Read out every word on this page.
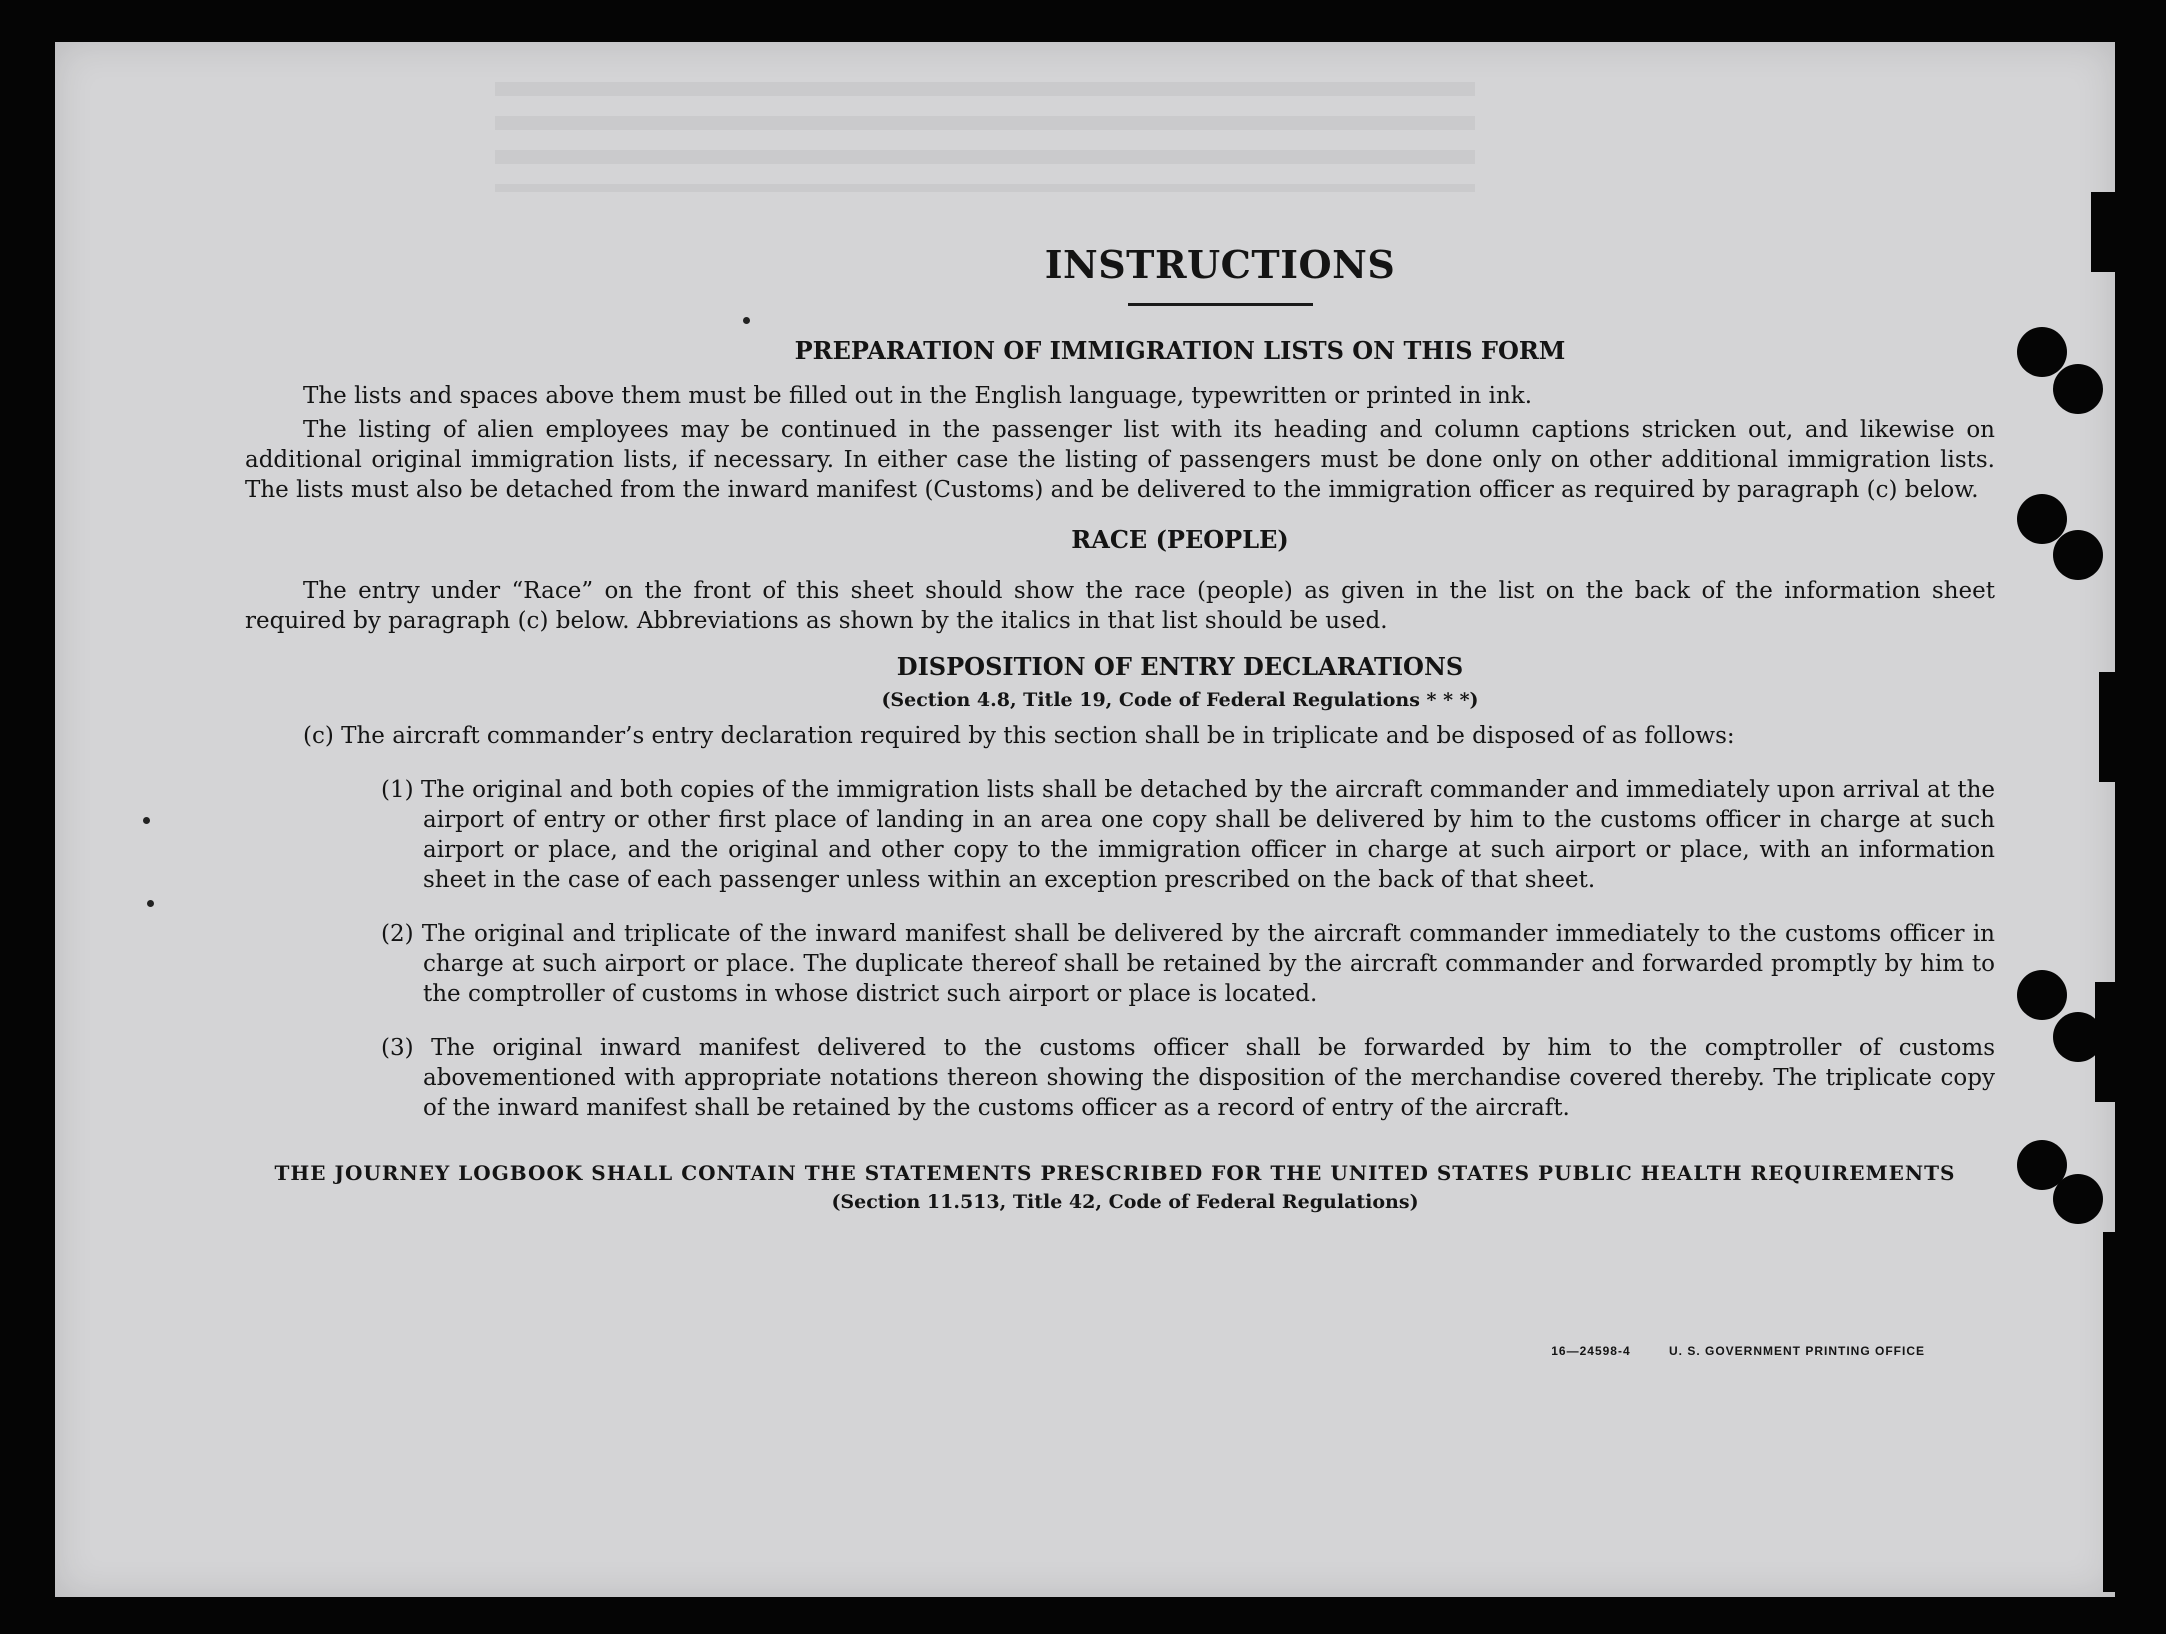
INSTRUCTIONS

PREPARATION OF IMMIGRATION LISTS ON THIS FORM

The lists and spaces above them must be filled out in the English language, typewritten or printed in ink.

The listing of alien employees may be continued in the passenger list with its heading and column captions stricken out, and likewise on additional original immigration lists, if necessary. In either case the listing of passengers must be done only on other additional immigration lists. The lists must also be detached from the inward manifest (Customs) and be delivered to the immigration officer as required by paragraph (c) below.

RACE (PEOPLE)

The entry under “Race” on the front of this sheet should show the race (people) as given in the list on the back of the information sheet required by paragraph (c) below. Abbreviations as shown by the italics in that list should be used.

DISPOSITION OF ENTRY DECLARATIONS

(Section 4.8, Title 19, Code of Federal Regulations * * *)

(c) The aircraft commander’s entry declaration required by this section shall be in triplicate and be disposed of as follows:

(1) The original and both copies of the immigration lists shall be detached by the aircraft commander and immediately upon arrival at the airport of entry or other first place of landing in an area one copy shall be delivered by him to the customs officer in charge at such airport or place, and the original and other copy to the immigration officer in charge at such airport or place, with an information sheet in the case of each passenger unless within an exception prescribed on the back of that sheet.

(2) The original and triplicate of the inward manifest shall be delivered by the aircraft commander immediately to the customs officer in charge at such airport or place. The duplicate thereof shall be retained by the aircraft commander and forwarded promptly by him to the comptroller of customs in whose district such airport or place is located.

(3) The original inward manifest delivered to the customs officer shall be forwarded by him to the comptroller of customs abovementioned with appropriate notations thereon showing the disposition of the merchandise covered thereby. The triplicate copy of the inward manifest shall be retained by the customs officer as a record of entry of the aircraft.

THE JOURNEY LOGBOOK SHALL CONTAIN THE STATEMENTS PRESCRIBED FOR THE UNITED STATES PUBLIC HEALTH REQUIREMENTS

(Section 11.513, Title 42, Code of Federal Regulations)

16—24598-4	U. S. GOVERNMENT PRINTING OFFICE
